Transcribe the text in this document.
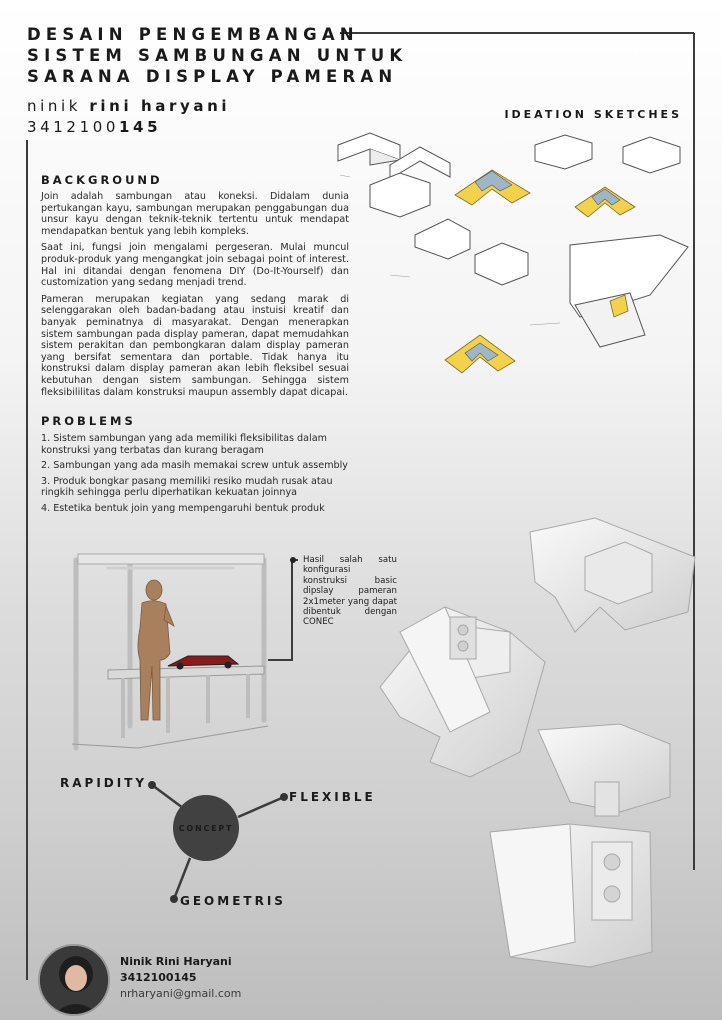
DESAIN PENGEMBANGAN
SISTEM SAMBUNGAN UNTUK
SARANA DISPLAY PAMERAN
ninik rini haryani
3412100145
BACKGROUND

Join adalah sambungan atau koneksi. Didalam dunia pertukangan kayu, sambungan merupakan penggabungan dua unsur kayu dengan teknik-teknik tertentu untuk mendapat mendapatkan bentuk yang lebih kompleks.

Saat ini, fungsi join mengalami pergeseran. Mulai muncul produk-produk yang mengangkat join sebagai point of interest. Hal ini ditandai dengan fenomena DIY (Do-It-Yourself) dan customization yang sedang menjadi trend.

Pameran merupakan kegiatan yang sedang marak di selenggarakan oleh badan-badang atau instuisi kreatif dan banyak peminatnya di masyarakat. Dengan menerapkan sistem sambungan pada display pameran, dapat memudahkan sistem perakitan dan pembongkaran dalam display pameran yang bersifat sementara dan portable. Tidak hanya itu konstruksi dalam display pameran akan lebih fleksibel sesuai kebutuhan dengan sistem sambungan. Sehingga sistem fleksibililitas dalam konstruksi maupun assembly dapat dicapai.

PROBLEMS
1. Sistem sambungan yang ada memiliki fleksibilitas dalam konstruksi yang terbatas dan kurang beragam
2. Sambungan yang ada masih memakai screw untuk assembly
3. Produk bongkar pasang memiliki resiko mudah rusak atau ringkih sehingga perlu diperhatikan kekuatan joinnya
4. Estetika bentuk join yang mempengaruhi bentuk produk
IDEATION SKETCHES
Hasil salah satu konfigurasi konstruksi basic dipslay pameran 2x1meter yang dapat dibentuk dengan CONEC
RAPIDITY
FLEXIBLE
GEOMETRIS
CONCEPT
Ninik Rini Haryani
3412100145
nrharyani@gmail.com
